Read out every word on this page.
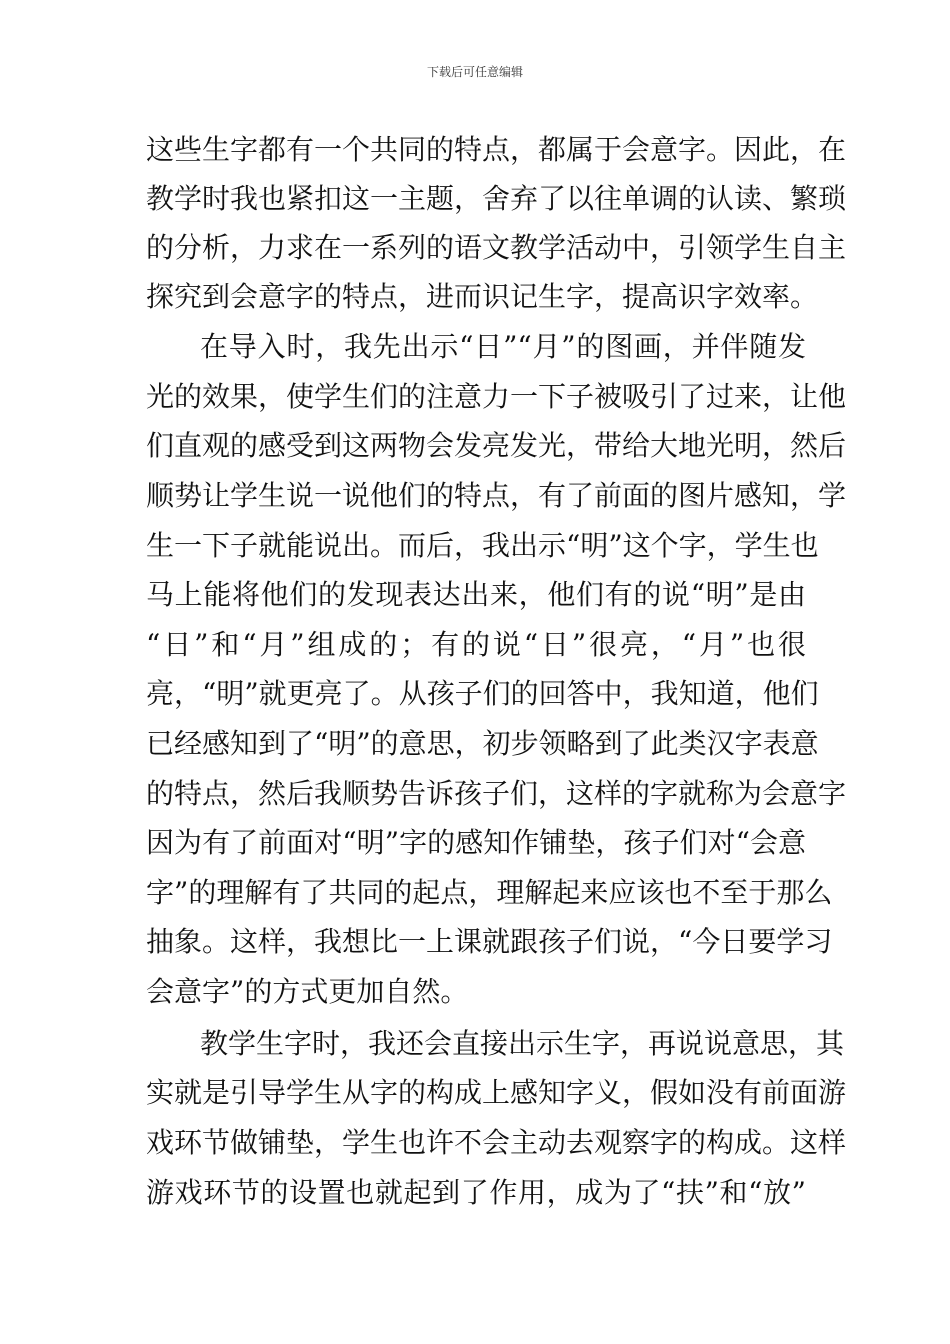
下载后可任意编辑
这些生字都有一个共同的特点，都属于会意字。因此，在
教学时我也紧扣这一主题，舍弃了以往单调的认读、繁琐
的分析，力求在一系列的语文教学活动中，引领学生自主
探究到会意字的特点，进而识记生字，提高识字效率。
在导入时，我先出示“日”“月”的图画，并伴随发
光的效果，使学生们的注意力一下子被吸引了过来，让他
们直观的感受到这两物会发亮发光，带给大地光明，然后
顺势让学生说一说他们的特点，有了前面的图片感知，学
生一下子就能说出。而后，我出示“明”这个字，学生也
马上能将他们的发现表达出来，他们有的说“明”是由
“日”和“月”组成的；有的说“日”很亮，“月”也很
亮，“明”就更亮了。从孩子们的回答中，我知道，他们
已经感知到了“明”的意思，初步领略到了此类汉字表意
的特点，然后我顺势告诉孩子们，这样的字就称为会意字
因为有了前面对“明”字的感知作铺垫，孩子们对“会意
字”的理解有了共同的起点，理解起来应该也不至于那么
抽象。这样，我想比一上课就跟孩子们说，“今日要学习
会意字”的方式更加自然。
教学生字时，我还会直接出示生字，再说说意思，其
实就是引导学生从字的构成上感知字义，假如没有前面游
戏环节做铺垫，学生也许不会主动去观察字的构成。这样
游戏环节的设置也就起到了作用，成为了“扶”和“放”
